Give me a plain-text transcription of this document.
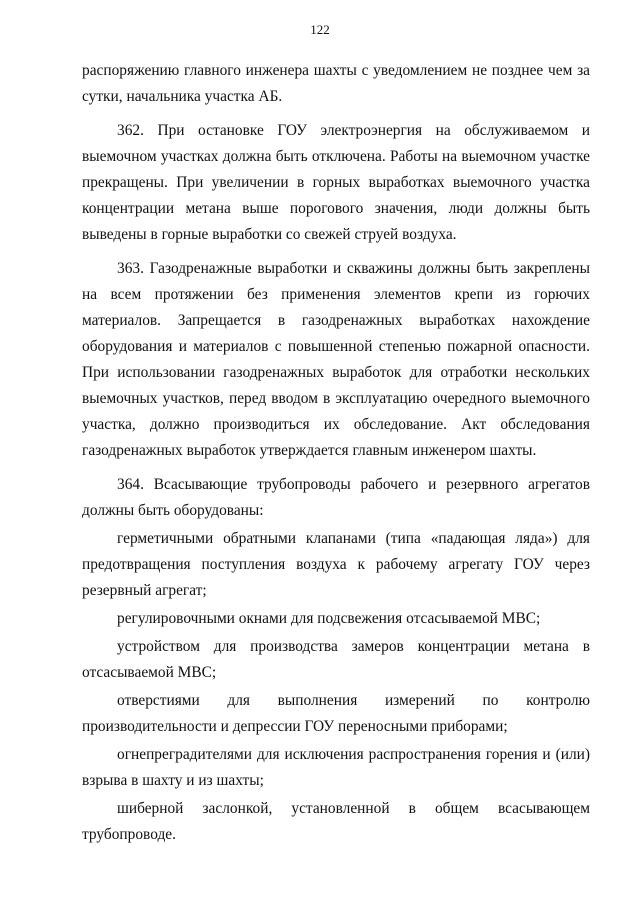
122

распоряжению главного инженера шахты с уведомлением не позднее чем за сутки, начальника участка АБ.

362. При остановке ГОУ электроэнергия на обслуживаемом и выемочном участках должна быть отключена. Работы на выемочном участке прекращены. При увеличении в горных выработках выемочного участка концентрации метана выше порогового значения, люди должны быть выведены в горные выработки со свежей струей воздуха.

363. Газодренажные выработки и скважины должны быть закреплены на всем протяжении без применения элементов крепи из горючих материалов. Запрещается в газодренажных выработках нахождение оборудования и материалов с повышенной степенью пожарной опасности. При использовании газодренажных выработок для отработки нескольких выемочных участков, перед вводом в эксплуатацию очередного выемочного участка, должно производиться их обследование. Акт обследования газодренажных выработок утверждается главным инженером шахты.

364. Всасывающие трубопроводы рабочего и резервного агрегатов должны быть оборудованы:

герметичными обратными клапанами (типа «падающая ляда») для предотвращения поступления воздуха к рабочему агрегату ГОУ через резервный агрегат;

регулировочными окнами для подсвежения отсасываемой МВС;

устройством для производства замеров концентрации метана в отсасываемой МВС;

отверстиями для выполнения измерений по контролю производительности и депрессии ГОУ переносными приборами;

огнепреградителями для исключения распространения горения и (или) взрыва в шахту и из шахты;

шиберной заслонкой, установленной в общем всасывающем трубопроводе.
